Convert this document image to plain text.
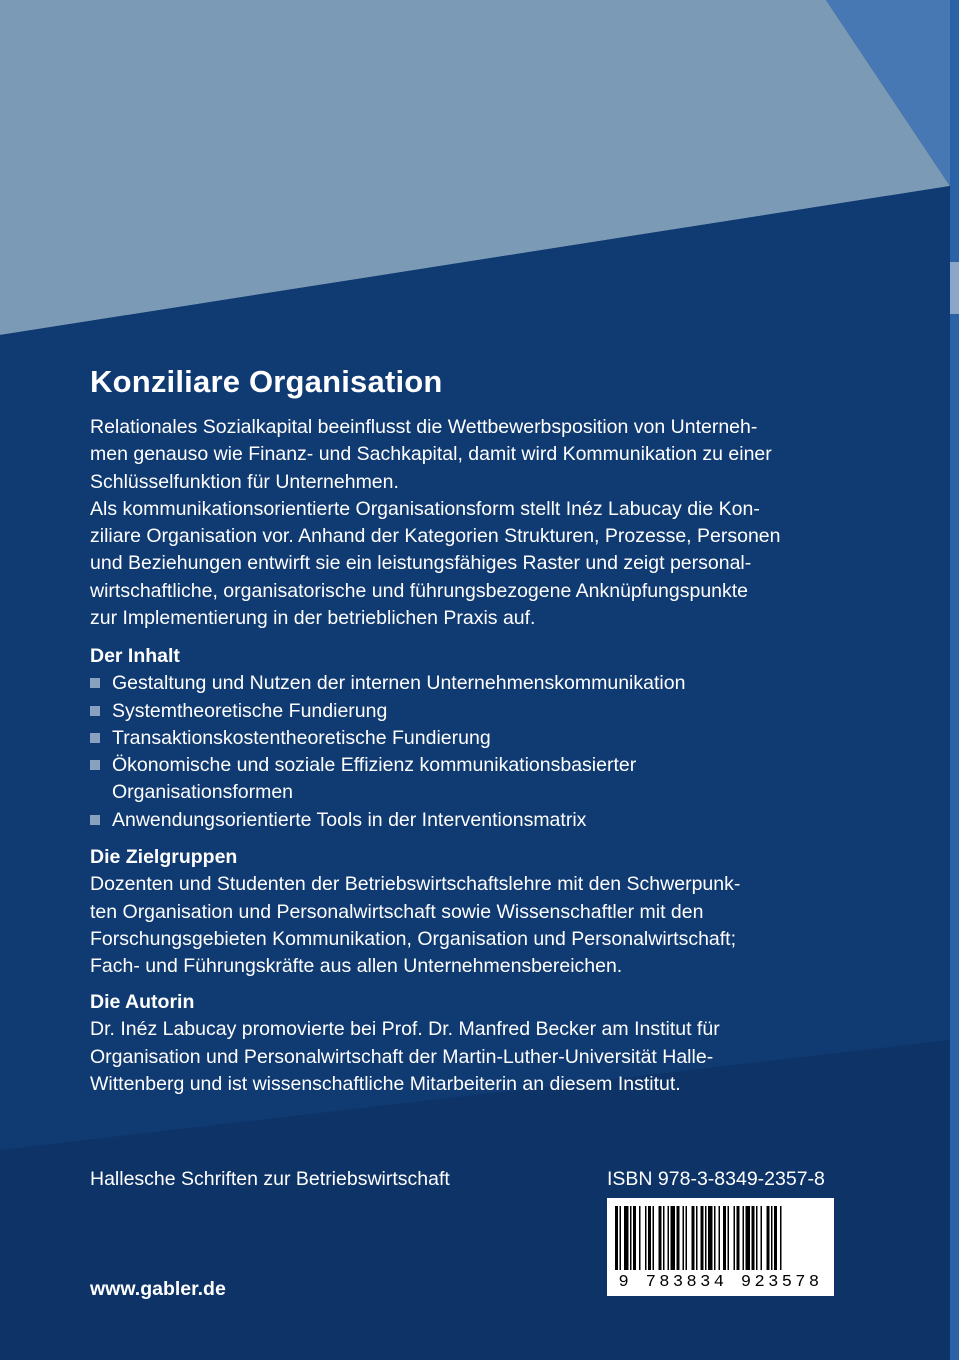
Konziliare Organisation

Relationales Sozialkapital beeinflusst die Wettbewerbsposition von Unterneh-

men genauso wie Finanz- und Sachkapital, damit wird Kommunikation zu einer

Schlüsselfunktion für Unternehmen.

Als kommunikationsorientierte Organisationsform stellt Inéz Labucay die Kon-

ziliare Organisation vor. Anhand der Kategorien Strukturen, Prozesse, Personen

und Beziehungen entwirft sie ein leistungsfähiges Raster und zeigt personal-

wirtschaftliche, organisatorische und führungsbezogene Anknüpfungspunkte

zur Implementierung in der betrieblichen Praxis auf.

Der Inhalt

Gestaltung und Nutzen der internen Unternehmenskommunikation
Systemtheoretische Fundierung
Transaktionskostentheoretische Fundierung
Ökonomische und soziale Effizienz kommunikationsbasierter
Organisationsformen
Anwendungsorientierte Tools in der Interventionsmatrix

Die Zielgruppen

Dozenten und Studenten der Betriebswirtschaftslehre mit den Schwerpunk-

ten Organisation und Personalwirtschaft sowie Wissenschaftler mit den

Forschungsgebieten Kommunikation, Organisation und Personalwirtschaft;

Fach- und Führungskräfte aus allen Unternehmensbereichen.

Die Autorin

Dr. Inéz Labucay promovierte bei Prof. Dr. Manfred Becker am Institut für

Organisation und Personalwirtschaft der Martin-Luther-Universität Halle-

Wittenberg und ist wissenschaftliche Mitarbeiterin an diesem Institut.

Hallesche Schriften zur Betriebswirtschaft	ISBN 978-3-8349-2357-8
9 783834 923578
www.gabler.de
